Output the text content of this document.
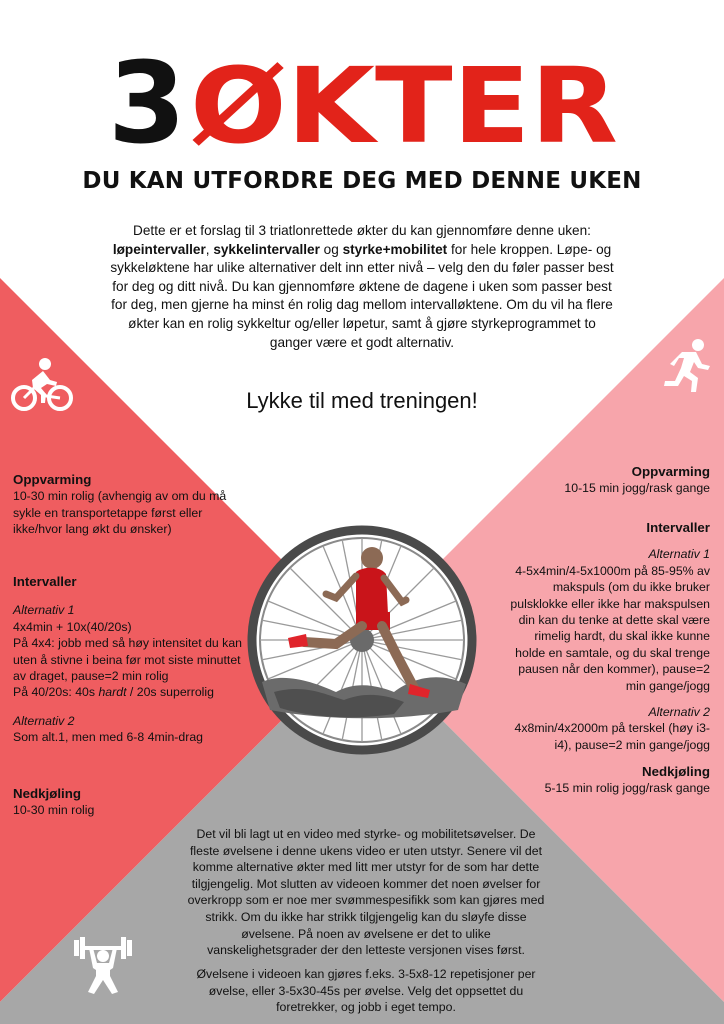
3 ØKTER
DU KAN UTFORDRE DEG MED DENNE UKEN
Dette er et forslag til 3 triatlonrettede økter du kan gjennomføre denne uken: løpeintervaller, sykkelintervaller og styrke+mobilitet for hele kroppen. Løpe- og sykkeløktene har ulike alternativer delt inn etter nivå – velg den du føler passer best for deg og ditt nivå. Du kan gjennomføre øktene de dagene i uken som passer best for deg, men gjerne ha minst én rolig dag mellom intervalløktene. Om du vil ha flere økter kan en rolig sykkeltur og/eller løpetur, samt å gjøre styrkeprogrammet to ganger være et godt alternativ.
Lykke til med treningen!
Oppvarming
10-30 min rolig (avhengig av om du må sykle en transportetappe først eller ikke/hvor lang økt du ønsker)
Intervaller
Alternativ 1
4x4min + 10x(40/20s)
På 4x4: jobb med så høy intensitet du kan uten å stivne i beina før mot siste minuttet av draget, pause=2 min rolig
På 40/20s: 40s hardt / 20s superrolig
Alternativ 2
Som alt.1, men med 6-8 4min-drag
Nedkjøling
10-30 min rolig
Oppvarming
10-15 min jogg/rask gange
Intervaller
Alternativ 1
4-5x4min/4-5x1000m på 85-95% av makspuls (om du ikke bruker pulsklokke eller ikke har makspulsen din kan du tenke at dette skal være rimelig hardt, du skal ikke kunne holde en samtale, og du skal trenge pausen når den kommer), pause=2 min gange/jogg
Alternativ 2
4x8min/4x2000m på terskel (høy i3-i4), pause=2 min gange/jogg
Nedkjøling
5-15 min rolig jogg/rask gange
Det vil bli lagt ut en video med styrke- og mobilitetsøvelser. De fleste øvelsene i denne ukens video er uten utstyr. Senere vil det komme alternative økter med litt mer utstyr for de som har dette tilgjengelig. Mot slutten av videoen kommer det noen øvelser for overkropp som er noe mer svømmespesifikk som kan gjøres med strikk. Om du ikke har strikk tilgjengelig kan du sløyfe disse øvelsene. På noen av øvelsene er det to ulike vanskelighetsgrader der den letteste versjonen vises først.
Øvelsene i videoen kan gjøres f.eks. 3-5x8-12 repetisjoner per øvelse, eller 3-5x30-45s per øvelse. Velg det oppsettet du foretrekker, og jobb i eget tempo.
